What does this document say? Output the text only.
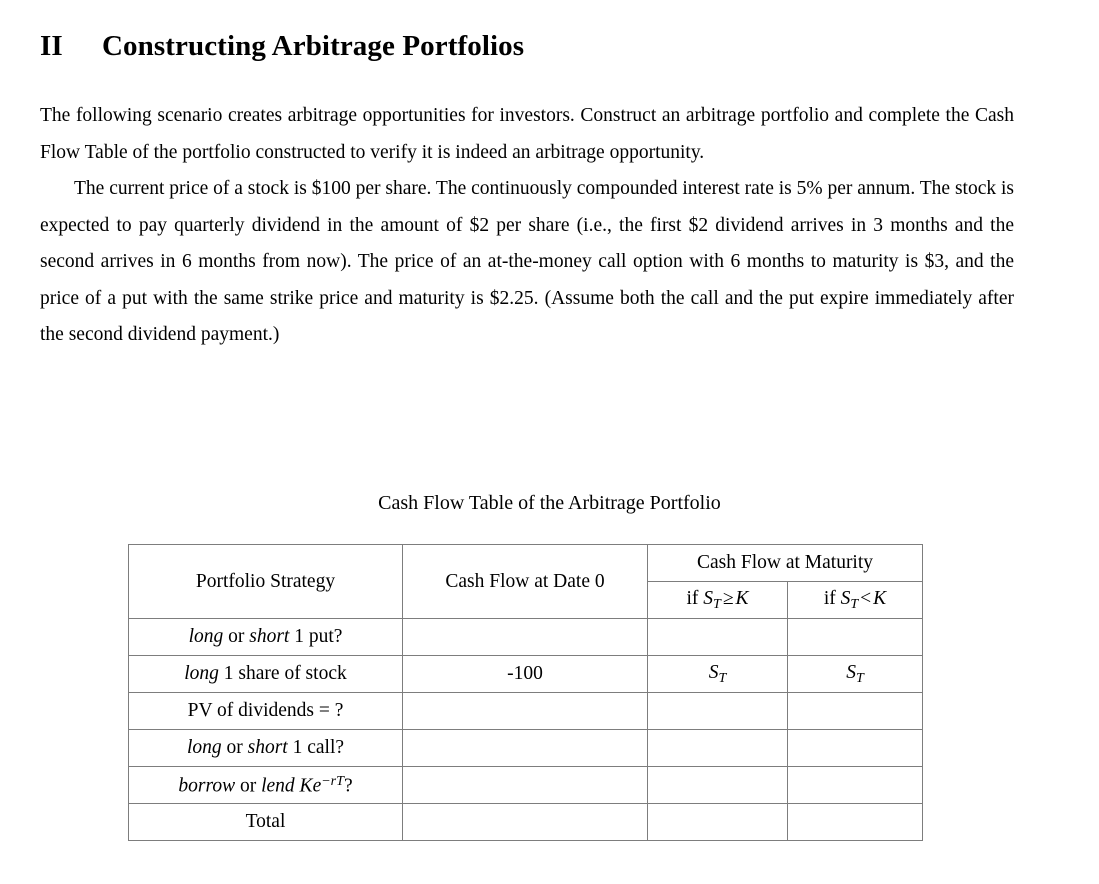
II Constructing Arbitrage Portfolios

The following scenario creates arbitrage opportunities for investors. Construct an arbitrage portfolio and complete the Cash Flow Table of the portfolio constructed to verify it is indeed an arbitrage opportunity.

The current price of a stock is $100 per share. The continuously compounded interest rate is 5% per annum. The stock is expected to pay quarterly dividend in the amount of $2 per share (i.e., the first $2 dividend arrives in 3 months and the second arrives in 6 months from now). The price of an at-the-money call option with 6 months to maturity is $3, and the price of a put with the same strike price and maturity is $2.25. (Assume both the call and the put expire immediately after the second dividend payment.)

Cash Flow Table of the Arbitrage Portfolio
Portfolio Strategy	Cash Flow at Date 0	Cash Flow at Maturity	
		if $S_T \ge K$	if $S_T < K$
long or short 1 put?			
long 1 share of stock	-100	$S_T$	$S_T$
PV of dividends = ?			
long or short 1 call?			
borrow or lend $Ke^{-rT}$?			
Total			
